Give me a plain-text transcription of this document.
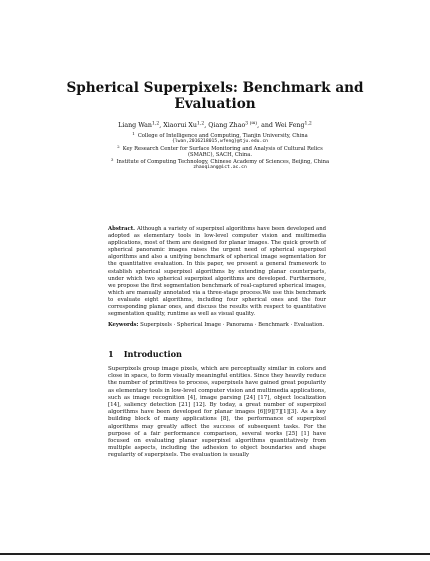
Spherical Superpixels: Benchmark and
Evaluation
Liang Wan$^{1,2}$, Xiaorui Xu$^{1,2}$, Qiang Zhao$^{3 (✉)}$, and Wei Feng$^{1,2}$
$^1$ College of Intelligence and Computing, Tianjin University, China
{lwan,2016218015,wfeng}@tju.edu.cn
$^2$ Key Research Center for Surface Monitoring and Analysis of Cultural Relics
(SMARC), SACH, China.
$^3$ Institute of Computing Technology, Chinese Academy of Sciences, Beijing, China
zhaoqiang@ict.ac.cn
Abstract. Although a variety of superpixel algorithms have been developed and adopted as elementary tools in low-level computer vision and multimedia applications, most of them are designed for planar images. The quick growth of spherical panoramic images raises the urgent need of spherical superpixel algorithms and also a unifying benchmark of spherical image segmentation for the quantitative evaluation. In this paper, we present a general framework to establish spherical superpixel algorithms by extending planar counterparts, under which two spherical superpixel algorithms are developed. Furthermore, we propose the first segmentation benchmark of real-captured spherical images, which are manually annotated via a three-stage process.We use this benchmark to evaluate eight algorithms, including four spherical ones and the four corresponding planar ones, and discuss the results with respect to quantitative segmentation quality, runtime as well as visual quality.
Keywords: Superpixels · Spherical Image · Panorama · Benchmark · Evaluation.
1 Introduction
Superpixels group image pixels, which are perceptually similar in colors and close in space, to form visually meaningful entities. Since they heavily reduce the number of primitives to process, superpixels have gained great popularity as elementary tools in low-level computer vision and multimedia applications, such as image recognition [4], image parsing [24] [17], object localization [14], saliency detection [21] [12]. By today, a great number of superpixel algorithms have been developed for planar images [6][9][7][1][3]. As a key building block of many applications [8], the performance of superpixel algorithms may greatly affect the success of subsequent tasks. For the purpose of a fair performance comparison, several works [25] [1] have focused on evaluating planar superpixel algorithms quantitatively from multiple aspects, including the adhesion to object boundaries and shape regularity of superpixels. The evaluation is usually
